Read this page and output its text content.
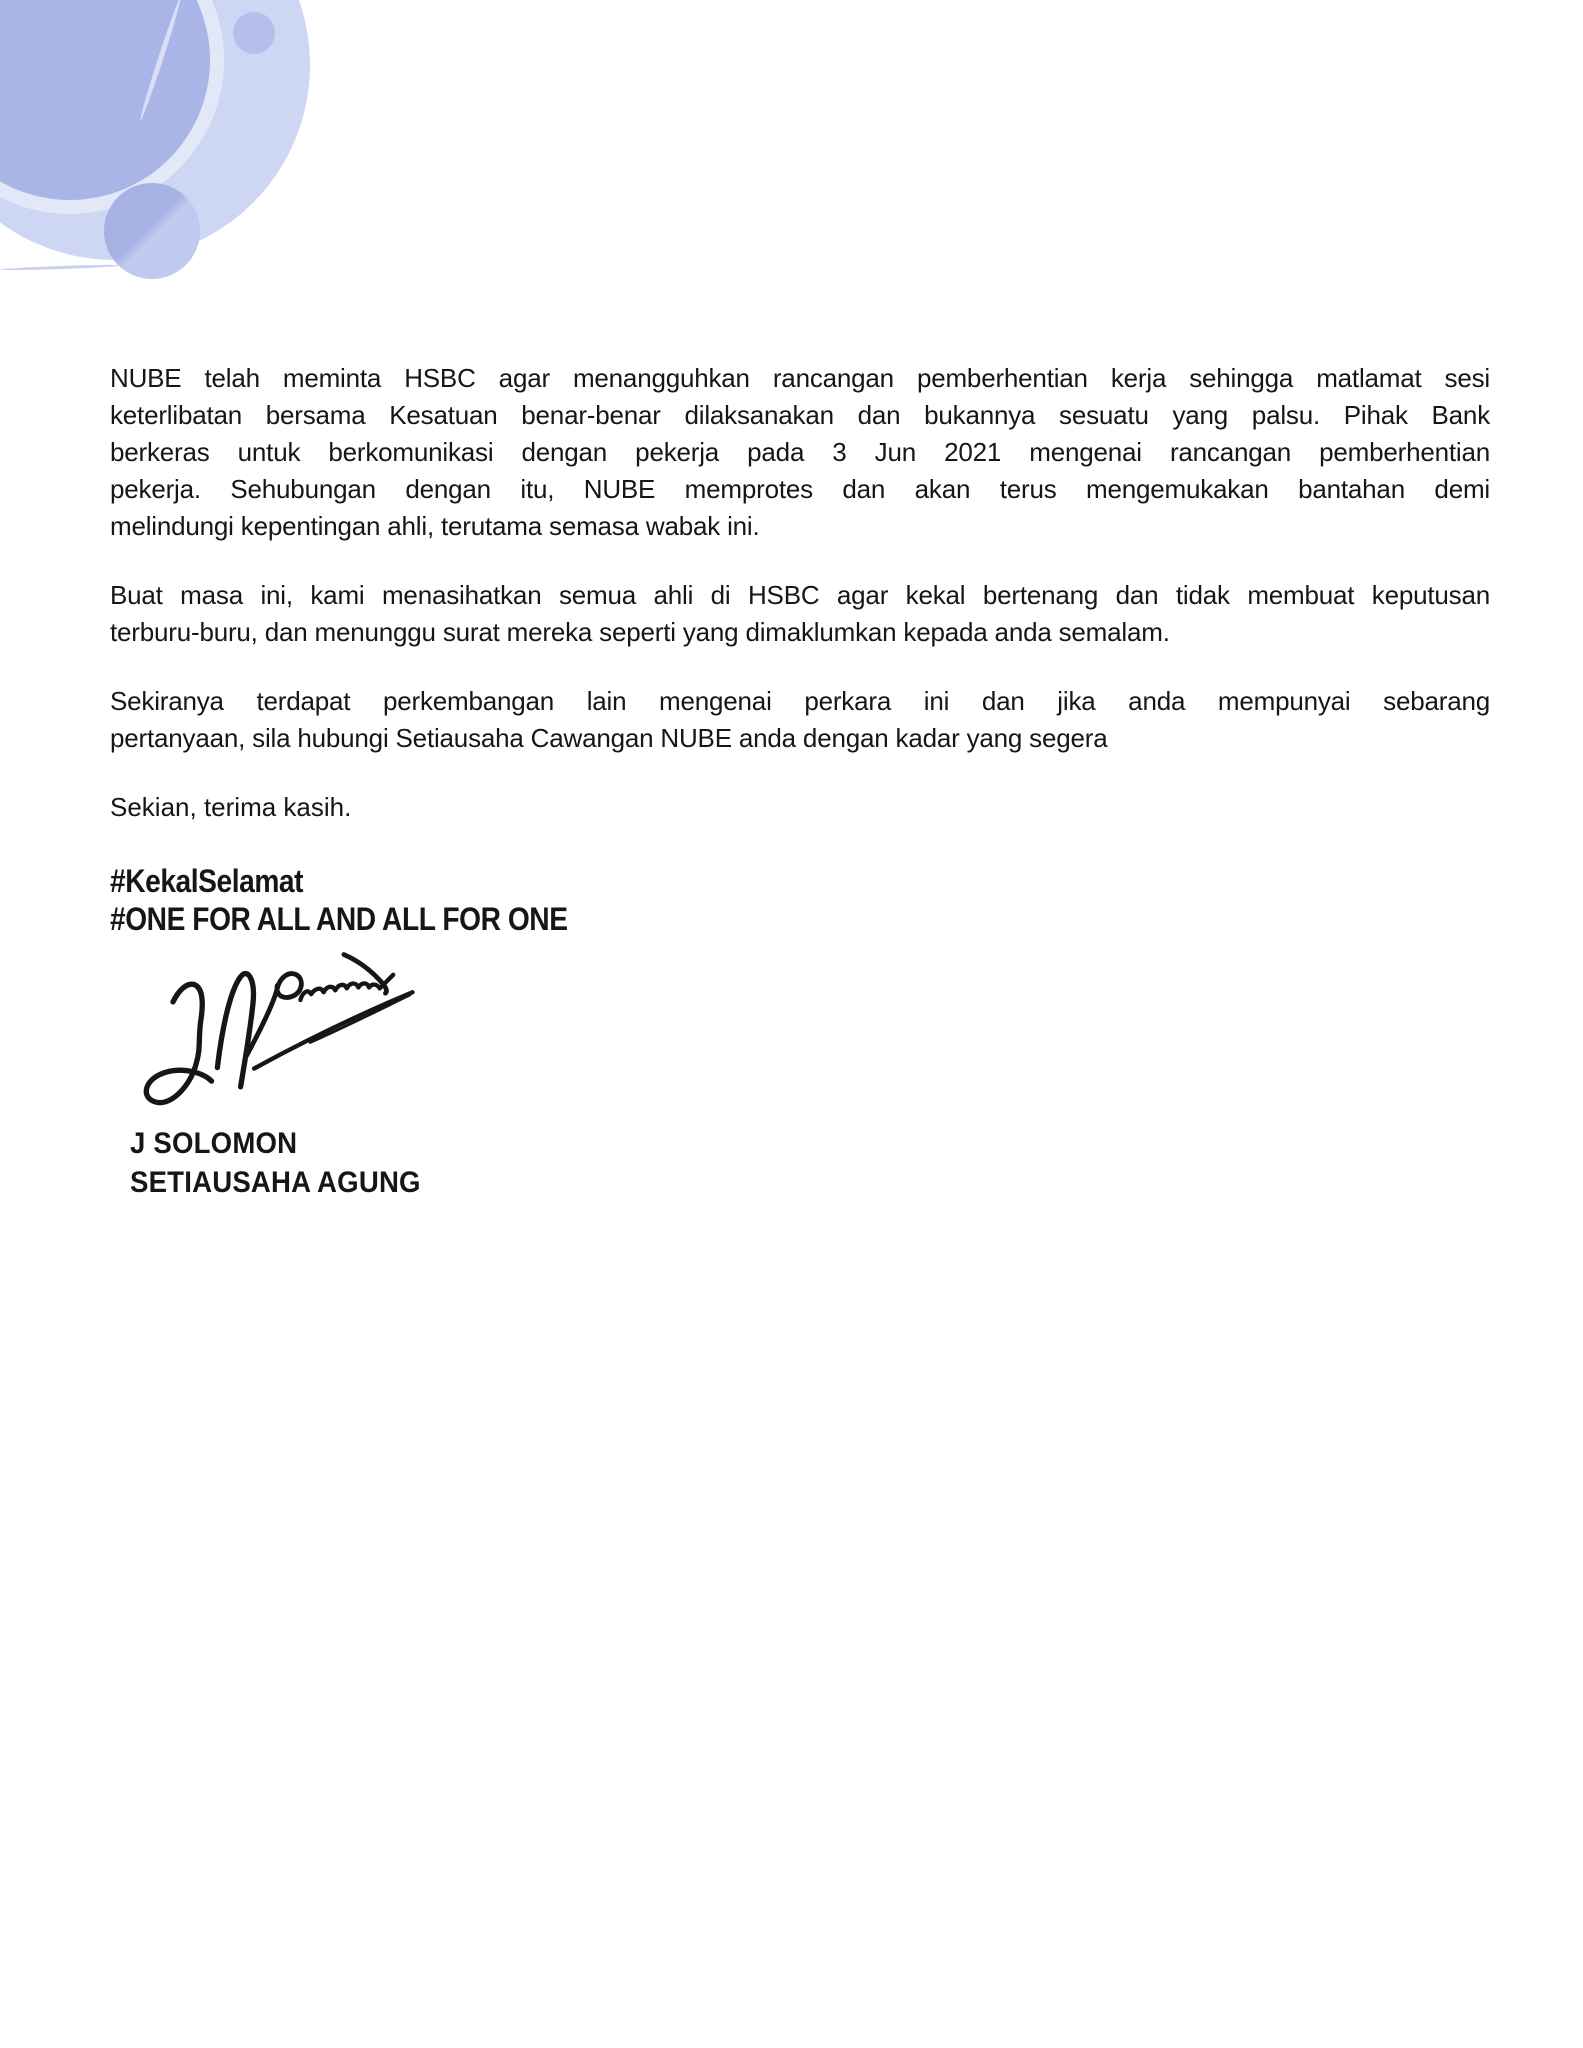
NUBE telah meminta HSBC agar menangguhkan rancangan pemberhentian kerja sehingga matlamat sesi
keterlibatan bersama Kesatuan benar-benar dilaksanakan dan bukannya sesuatu yang palsu. Pihak Bank
berkeras untuk berkomunikasi dengan pekerja pada 3 Jun 2021 mengenai rancangan pemberhentian
pekerja. Sehubungan dengan itu, NUBE memprotes dan akan terus mengemukakan bantahan demi
melindungi kepentingan ahli, terutama semasa wabak ini.
Buat masa ini, kami menasihatkan semua ahli di HSBC agar kekal bertenang dan tidak membuat keputusan
terburu-buru, dan menunggu surat mereka seperti yang dimaklumkan kepada anda semalam.
Sekiranya terdapat perkembangan lain mengenai perkara ini dan jika anda mempunyai sebarang
pertanyaan, sila hubungi Setiausaha Cawangan NUBE anda dengan kadar yang segera
Sekian, terima kasih.
#KekalSelamat
#ONE FOR ALL AND ALL FOR ONE
J SOLOMON
SETIAUSAHA AGUNG
